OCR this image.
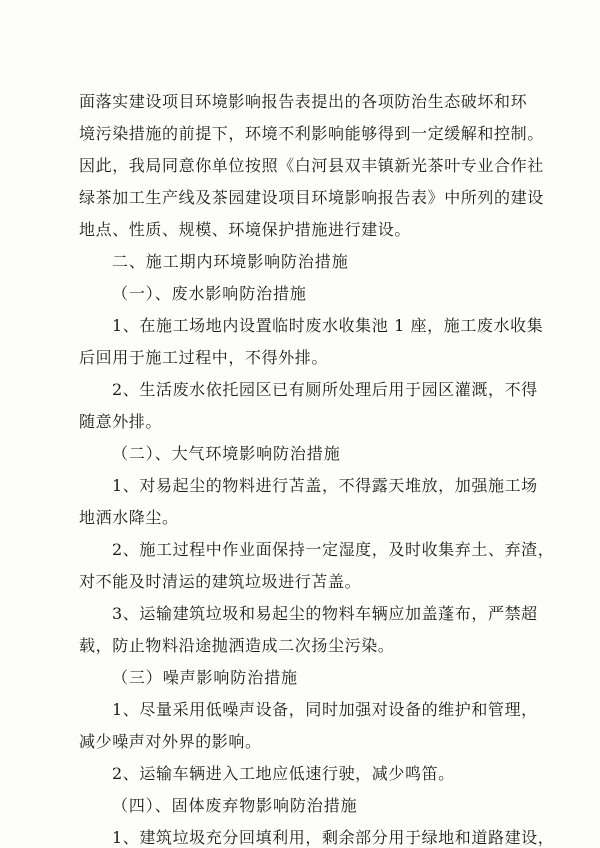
面落实建设项目环境影响报告表提出的各项防治生态破坏和环
境污染措施的前提下，环境不利影响能够得到一定缓解和控制。
因此，我局同意你单位按照《白河县双丰镇新光茶叶专业合作社
绿茶加工生产线及茶园建设项目环境影响报告表》中所列的建设
地点、性质、规模、环境保护措施进行建设。
二、施工期内环境影响防治措施
（一）、废水影响防治措施
1、在施工场地内设置临时废水收集池 1 座，施工废水收集
后回用于施工过程中，不得外排。
2、生活废水依托园区已有厕所处理后用于园区灌溉，不得
随意外排。
（二）、大气环境影响防治措施
1、对易起尘的物料进行苫盖，不得露天堆放，加强施工场
地洒水降尘。
2、施工过程中作业面保持一定湿度，及时收集弃土、弃渣，
对不能及时清运的建筑垃圾进行苫盖。
3、运输建筑垃圾和易起尘的物料车辆应加盖蓬布，严禁超
载，防止物料沿途抛洒造成二次扬尘污染。
（三）噪声影响防治措施
1、尽量采用低噪声设备，同时加强对设备的维护和管理，
减少噪声对外界的影响。
2、运输车辆进入工地应低速行驶，减少鸣笛。
（四）、固体废弃物影响防治措施
1、建筑垃圾充分回填利用，剩余部分用于绿地和道路建设，
